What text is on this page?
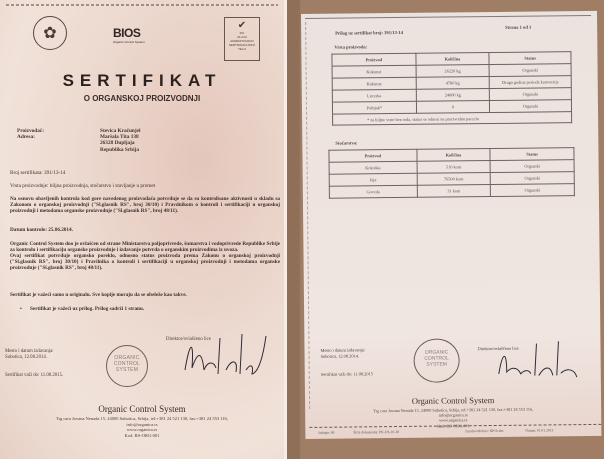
✿	BIOS
Organic Control System
✔
IFK
01-013
AKREDITOVANO
SERTIFIKACIJSKO
TELO
SERTIFIKAT
O ORGANSKOJ PROIZVODNJI
Proizvođač:
Adresa:
Stevica Kračunjel
Maršala Tita 138
26328 Dupljaja
Republika Srbija
Broj sertifikata: 391/13-14
Vrsta proizvodnje: biljna proizvodnja, stočarstvo i stavljanje u promet
Na osnovu obavljenih kontrola kod gore navedenog proizvođača potvrđuje se da su kontrolisane aktivnosti u skladu sa Zakonom o organskoj proizvodnji ("Sl.glasnik RS", broj 30/10) i Pravdnikom o kontroli i sertifikaciji u organskoj proizvodnji i metodama organske proizvodnje ("Sl.glasnik RS", broj 48/11).
Datum kontrole: 25.06.2014.
Organic Control System doo je ovlašćen od strane Ministarstva poljoprivrede, šumarstva i vodoprivrede Republike Srbije za kontrolu i sertifikaciju organske proizvodnje i izdavanje potvrda o organskim proizvodima iz uvoza.
Ovaj sertifikat potvrđuje organsko poreklo, odnosno status proizvoda prema Zakonu o organskoj proizvodnji ("Sl.glasnik RS", broj 30/10) i Pravilnika o kontroli i sertifikaciji u organskoj proizvodnji i metodama organske proizvodnje ("Sl.glasnik RS", broj 48/11).
Sertifikat je važeći samo u originalu. Sve kopije moraju da se obeleže kao takve.
• Sertifikat je važeći uz prilog. Prilog sadrži 1 stranu.
Mesto i datum izdavanja:
Subotica, 12.08.2014.
Sertifikat važi do: 11.08.2015.
ORGANIC
CONTROL
SYSTEM
Direktor/ovlašćeno lice
Organic Control System
Trg cara Jovana Nenada 15, 24000 Subotica, Srbija, tel:+381 24 521 130, fax:+381 24 553 116,
info@organica.rs
www.organica.rs
Kod: RS-ORG-001
Prilog uz sertifikat broj: 391/13-14
Strana 1 od 1
Vrsta proizvoda:
Proizvod	Količina	Status
Kukuruz	26220 kg	Organski
Kukuruz	4780 kg	Druga godina perioda konverzije
Lucerka	24000 kg	Organski
Pašnjak*	0	Organski
* za biljne vrste bez roda, status se odnosi na proizvodnu parcelu		
Stočarstvo:
Proizvod	Količina	Status
Kokoška	510 kom	Organski
Jaja	76500 kom	Organski
Goveda	31 kom	Organski
Mesto i datum izdavanja:
Subotica, 12.08.2014.
Sertifikat važi do: 11.08.2015
ORGANIC
CONTROL
SYSTEM
Direktor/ovlašćeno lice
Organic Control System
Trg cara Jovana Nenada 15, 24000 Subotica, Srbija, tel:+381 24 521 130, fax:+381 24 553 116,
info@organica.rs
www.organica.rs
Kod: RS-ORG-001
Izdanje: 00	Šifra dokumenta: PK-DS-10-18	Izradio/odobrio: NP/Scsbs	Datum: 01.01.2013
